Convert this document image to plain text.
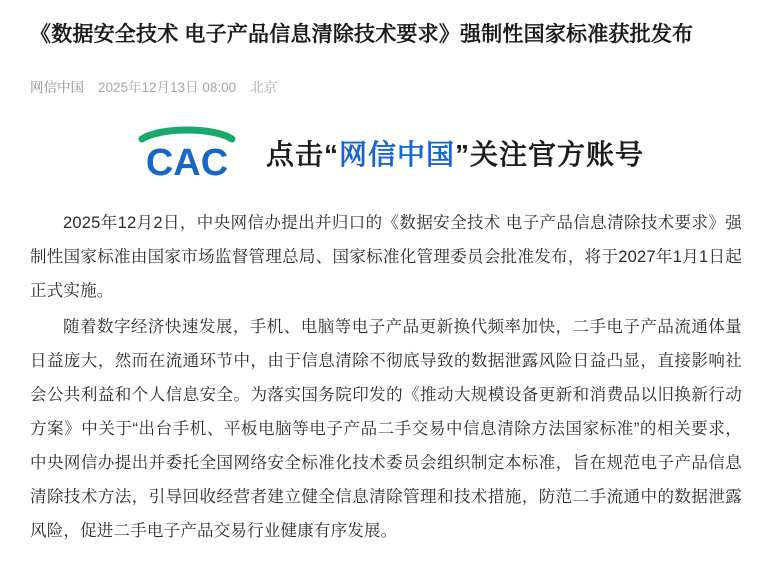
《数据安全技术 电子产品信息清除技术要求》强制性国家标准获批发布
网信中国 2025年12月13日 08:00 北京
CAC 点击“网信中国”关注官方账号

2025年12月2日，中央网信办提出并归口的《数据安全技术 电子产品信息清除技术要求》强制性国家标准由国家市场监督管理总局、国家标准化管理委员会批准发布，将于2027年1月1日起正式实施。

随着数字经济快速发展，手机、电脑等电子产品更新换代频率加快，二手电子产品流通体量日益庞大，然而在流通环节中，由于信息清除不彻底导致的数据泄露风险日益凸显，直接影响社会公共利益和个人信息安全。为落实国务院印发的《推动大规模设备更新和消费品以旧换新行动方案》中关于“出台手机、平板电脑等电子产品二手交易中信息清除方法国家标准”的相关要求，中央网信办提出并委托全国网络安全标准化技术委员会组织制定本标准，旨在规范电子产品信息清除技术方法，引导回收经营者建立健全信息清除管理和技术措施，防范二手流通中的数据泄露风险，促进二手电子产品交易行业健康有序发展。
